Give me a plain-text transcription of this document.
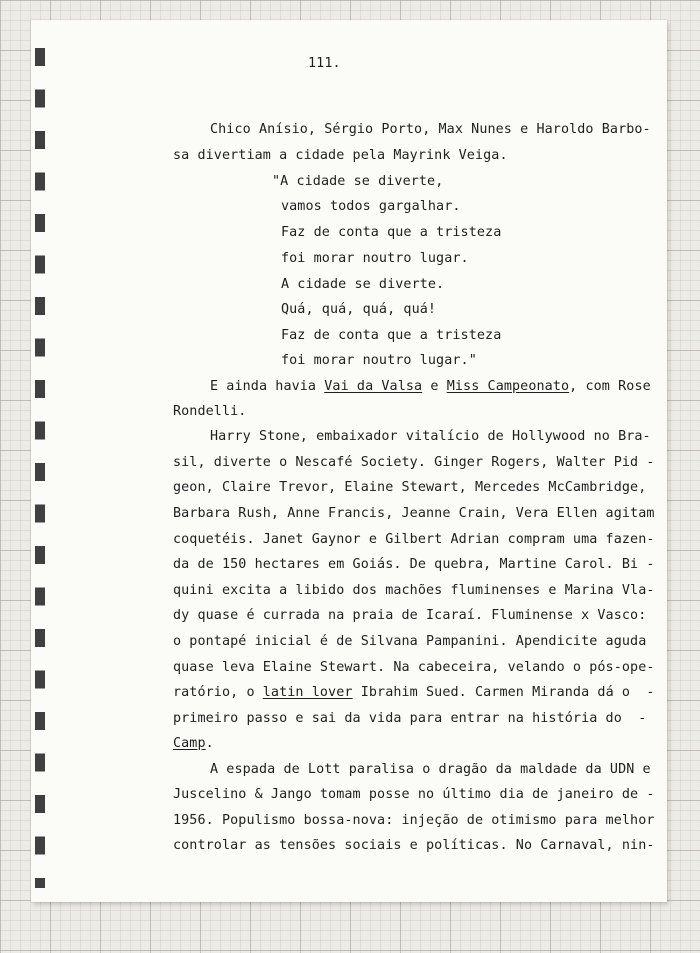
111.

Chico Anísio, Sérgio Porto, Max Nunes e Haroldo Barbo-

sa divertiam a cidade pela Mayrink Veiga.

"A cidade se diverte,

vamos todos gargalhar.

Faz de conta que a tristeza

foi morar noutro lugar.

A cidade se diverte.

Quá, quá, quá, quá!

Faz de conta que a tristeza

foi morar noutro lugar."

E ainda havia Vai da Valsa e Miss Campeonato, com Rose

Rondelli.

Harry Stone, embaixador vitalício de Hollywood no Bra-

sil, diverte o Nescafé Society. Ginger Rogers, Walter Pid -

geon, Claire Trevor, Elaine Stewart, Mercedes McCambridge,

Barbara Rush, Anne Francis, Jeanne Crain, Vera Ellen agitam

coquetéis. Janet Gaynor e Gilbert Adrian compram uma fazen-

da de 150 hectares em Goiás. De quebra, Martine Carol. Bi -

quini excita a libido dos machões fluminenses e Marina Vla-

dy quase é currada na praia de Icaraí. Fluminense x Vasco:

o pontapé inicial é de Silvana Pampanini. Apendicite aguda

quase leva Elaine Stewart. Na cabeceira, velando o pós-ope-

ratório, o latin lover Ibrahim Sued. Carmen Miranda dá o  -

primeiro passo e sai da vida para entrar na história do  -

Camp.

A espada de Lott paralisa o dragão da maldade da UDN e

Juscelino & Jango tomam posse no último dia de janeiro de -

1956. Populismo bossa-nova: injeção de otimismo para melhor

controlar as tensões sociais e políticas. No Carnaval, nin-
